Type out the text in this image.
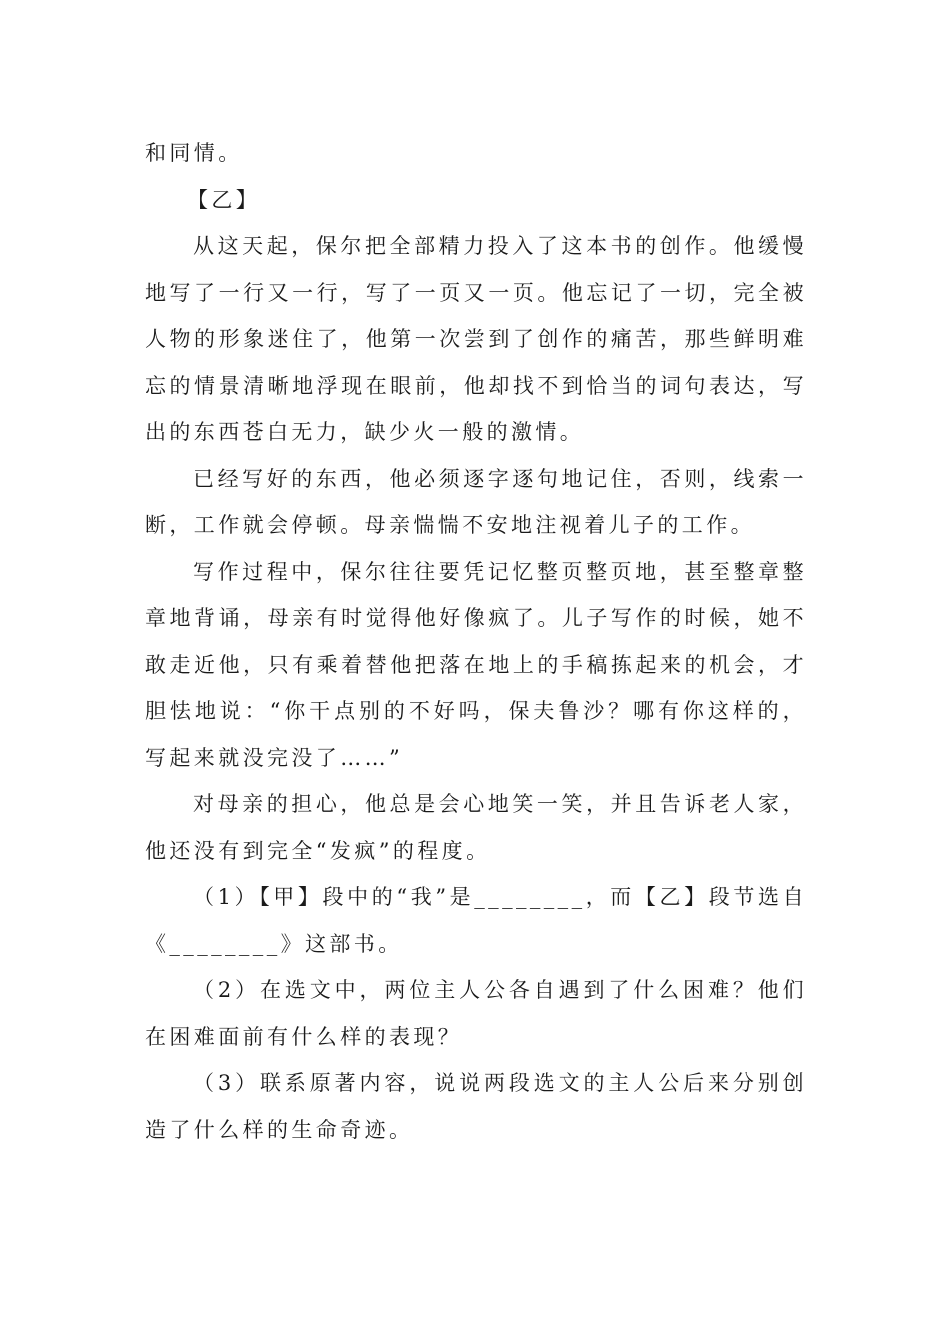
和同情。

【乙】

从这天起，保尔把全部精力投入了这本书的创作。他缓慢地写了一行又一行，写了一页又一页。他忘记了一切，完全被人物的形象迷住了，他第一次尝到了创作的痛苦，那些鲜明难忘的情景清晰地浮现在眼前，他却找不到恰当的词句表达，写出的东西苍白无力，缺少火一般的激情。

已经写好的东西，他必须逐字逐句地记住，否则，线索一断，工作就会停顿。母亲惴惴不安地注视着儿子的工作。

写作过程中，保尔往往要凭记忆整页整页地，甚至整章整章地背诵，母亲有时觉得他好像疯了。儿子写作的时候，她不敢走近他，只有乘着替他把落在地上的手稿拣起来的机会，才胆怯地说：“你干点别的不好吗，保夫鲁沙？哪有你这样的，写起来就没完没了……”

对母亲的担心，他总是会心地笑一笑，并且告诉老人家，他还没有到完全“发疯”的程度。

（1）【甲】段中的“我”是________，而【乙】段节选自《________》这部书。

（2）在选文中，两位主人公各自遇到了什么困难？他们在困难面前有什么样的表现？

（3）联系原著内容，说说两段选文的主人公后来分别创造了什么样的生命奇迹。
